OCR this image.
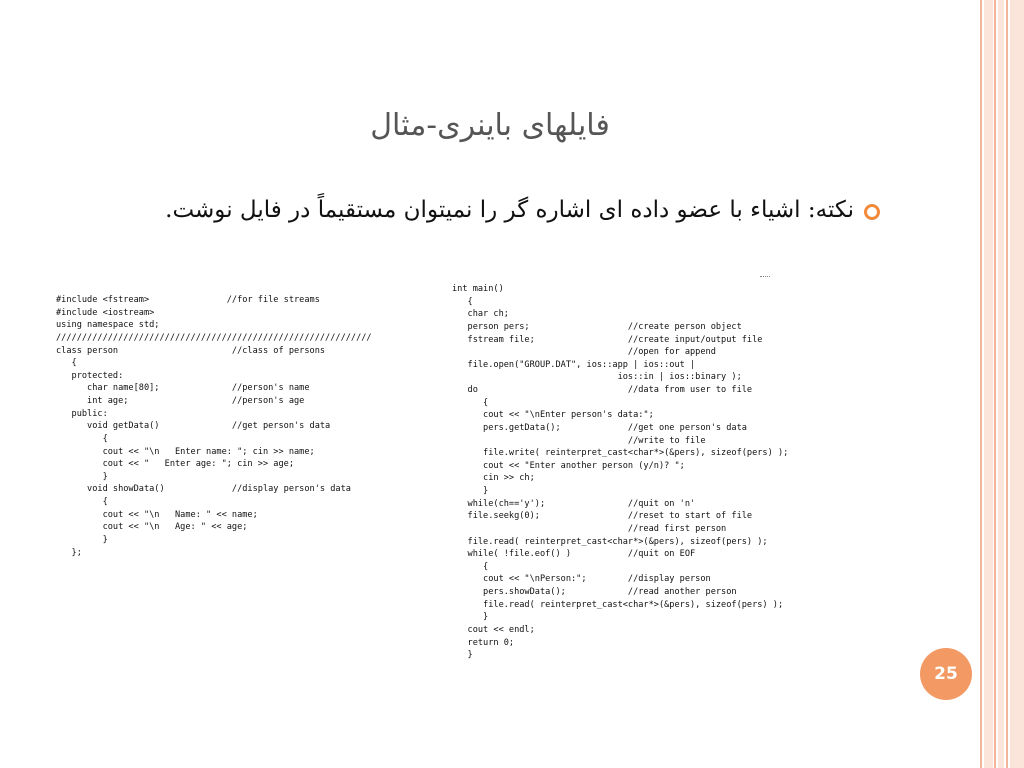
فایلهای باینری-مثال
نکته: اشیاء با عضو داده ای اشاره گر را نمیتوان مستقیماً در فایل نوشت.
#include <fstream>               //for file streams
#include <iostream>
using namespace std;
/////////////////////////////////////////////////////////////
class person                      //class of persons
{
protected:
char name[80];              //person's name
int age;                    //person's age
public:
void getData()              //get person's data
{
cout << "\n   Enter name: "; cin >> name;
cout << "   Enter age: "; cin >> age;
}
void showData()             //display person's data
{
cout << "\n   Name: " << name;
cout << "\n   Age: " << age;
}
};
int main()
{
char ch;
person pers;                   //create person object
fstream file;                  //create input/output file
//open for append
file.open("GROUP.DAT", ios::app | ios::out |
ios::in | ios::binary );
do                             //data from user to file
{
cout << "\nEnter person's data:";
pers.getData();             //get one person's data
//write to file
file.write( reinterpret_cast<char*>(&pers), sizeof(pers) );
cout << "Enter another person (y/n)? ";
cin >> ch;
}
while(ch=='y');                //quit on 'n'
file.seekg(0);                 //reset to start of file
//read first person
file.read( reinterpret_cast<char*>(&pers), sizeof(pers) );
while( !file.eof() )           //quit on EOF
{
cout << "\nPerson:";        //display person
pers.showData();            //read another person
file.read( reinterpret_cast<char*>(&pers), sizeof(pers) );
}
cout << endl;
return 0;
}
25
